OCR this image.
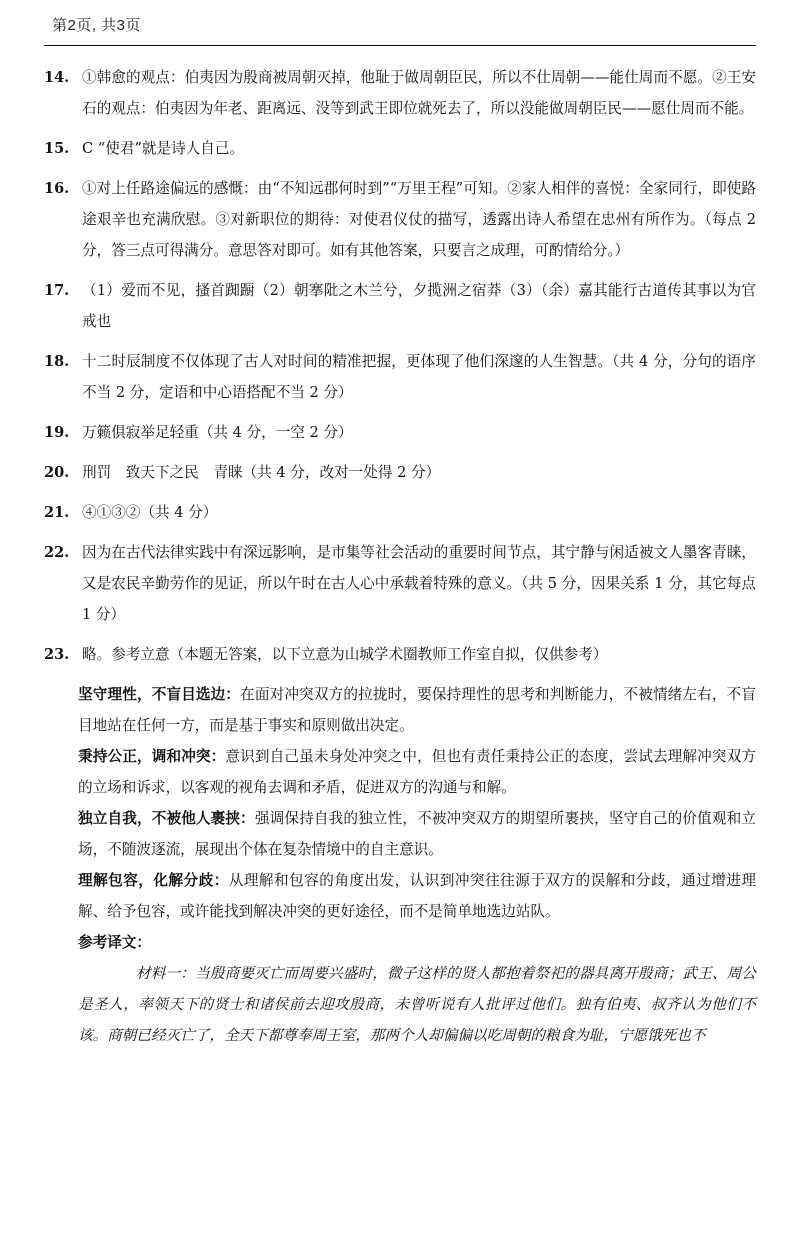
第2页, 共3页
14. ①韩愈的观点：伯夷因为殷商被周朝灭掉，他耻于做周朝臣民，所以不仕周朝——能仕周而不愿。②王安石的观点：伯夷因为年老、距离远、没等到武王即位就死去了，所以没能做周朝臣民——愿仕周而不能。
15. C “使君”就是诗人自己。
16. ①对上任路途偏远的感慨：由“不知远郡何时到”“万里王程”可知。②家人相伴的喜悦：全家同行，即使路途艰辛也充满欣慰。③对新职位的期待：对使君仪仗的描写，透露出诗人希望在忠州有所作为。（每点 2 分，答三点可得满分。意思答对即可。如有其他答案，只要言之成理，可酌情给分。）
17. （1）爱而不见，搔首踟蹰（2）朝搴阰之木兰兮，夕揽洲之宿莽（3）（余）嘉其能行古道传其事以为官戒也
18. 十二时辰制度不仅体现了古人对时间的精准把握，更体现了他们深邃的人生智慧。（共 4 分，分句的语序不当 2 分，定语和中心语搭配不当 2 分）
19. 万籁俱寂举足轻重（共 4 分，一空 2 分）
20. 刑罚　致天下之民　青睐（共 4 分，改对一处得 2 分）
21. ④①③②（共 4 分）
22. 因为在古代法律实践中有深远影响，是市集等社会活动的重要时间节点，其宁静与闲适被文人墨客青睐，又是农民辛勤劳作的见证，所以午时在古人心中承载着特殊的意义。（共 5 分，因果关系 1 分，其它每点 1 分）
23. 略。参考立意（本题无答案，以下立意为山城学术圈教师工作室自拟，仅供参考）
坚守理性，不盲目选边：在面对冲突双方的拉拢时，要保持理性的思考和判断能力，不被情绪左右，不盲目地站在任何一方，而是基于事实和原则做出决定。
秉持公正，调和冲突：意识到自己虽未身处冲突之中，但也有责任秉持公正的态度，尝试去理解冲突双方的立场和诉求，以客观的视角去调和矛盾，促进双方的沟通与和解。
独立自我，不被他人裹挟：强调保持自我的独立性，不被冲突双方的期望所裹挟，坚守自己的价值观和立场，不随波逐流，展现出个体在复杂情境中的自主意识。
理解包容，化解分歧：从理解和包容的角度出发，认识到冲突往往源于双方的误解和分歧，通过增进理解、给予包容，或许能找到解决冲突的更好途径，而不是简单地选边站队。
参考译文：
材料一：当殷商要灭亡而周要兴盛时，微子这样的贤人都抱着祭祀的器具离开殷商；武王、周公是圣人，率领天下的贤士和诸侯前去迎攻殷商，未曾听说有人批评过他们。独有伯夷、叔齐认为他们不该。商朝已经灭亡了，全天下都尊奉周王室，那两个人却偏偏以吃周朝的粮食为耻，宁愿饿死也不
